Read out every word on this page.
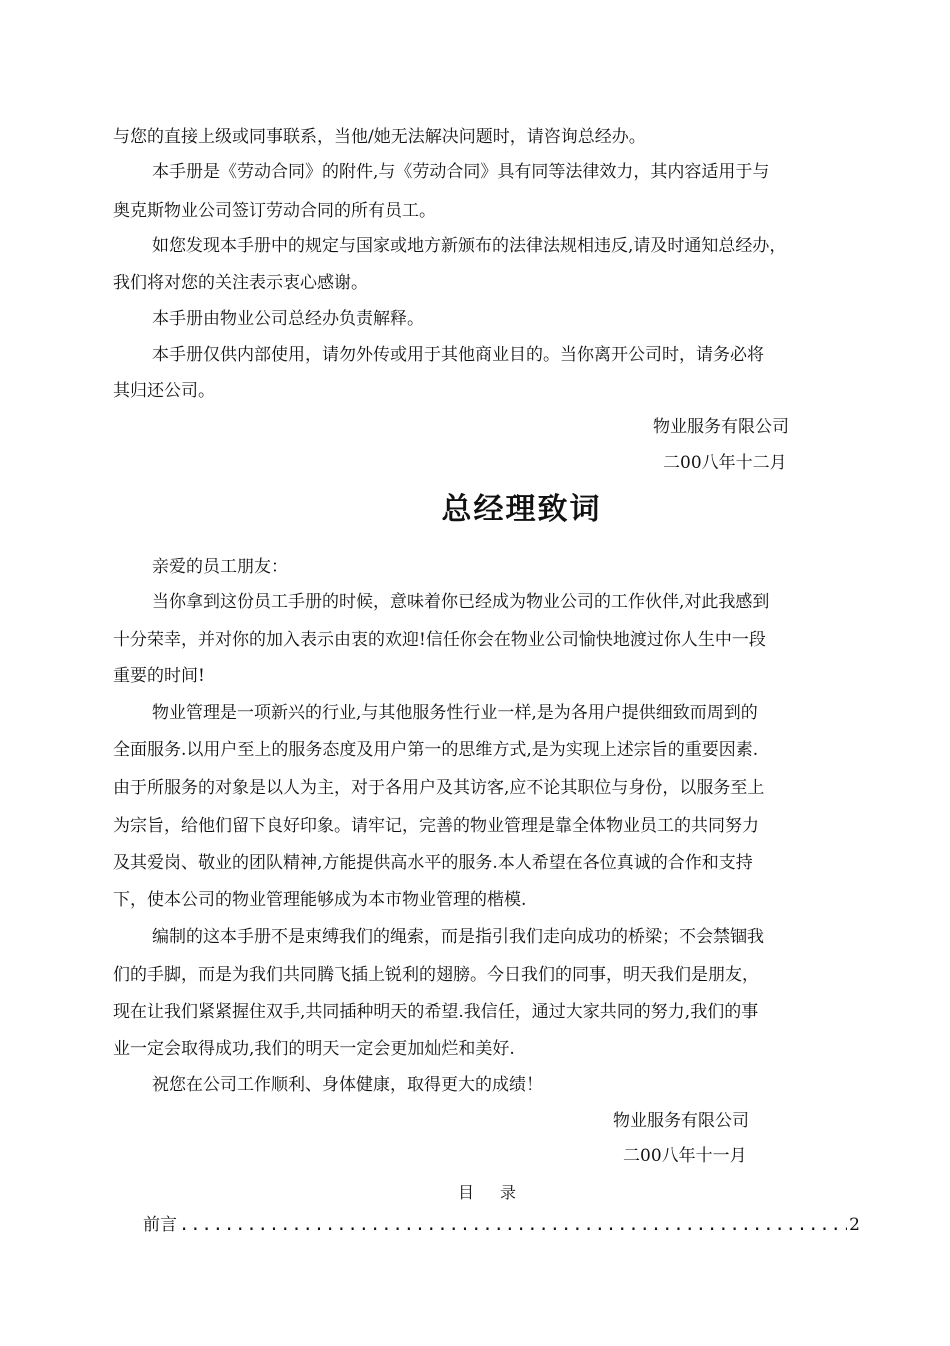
与您的直接上级或同事联系，当他/她无法解决问题时，请咨询总经办。
本手册是《劳动合同》的附件,与《劳动合同》具有同等法律效力，其内容适用于与
奥克斯物业公司签订劳动合同的所有员工。
如您发现本手册中的规定与国家或地方新颁布的法律法规相违反,请及时通知总经办，
我们将对您的关注表示衷心感谢。
本手册由物业公司总经办负责解释。
本手册仅供内部使用，请勿外传或用于其他商业目的。当你离开公司时，请务必将
其归还公司。
物业服务有限公司
二00八年十二月
总经理致词
亲爱的员工朋友：
当你拿到这份员工手册的时候，意味着你已经成为物业公司的工作伙伴,对此我感到
十分荣幸，并对你的加入表示由衷的欢迎!信任你会在物业公司愉快地渡过你人生中一段
重要的时间!
物业管理是一项新兴的行业,与其他服务性行业一样,是为各用户提供细致而周到的
全面服务.以用户至上的服务态度及用户第一的思维方式,是为实现上述宗旨的重要因素.
由于所服务的对象是以人为主，对于各用户及其访客,应不论其职位与身份，以服务至上
为宗旨，给他们留下良好印象。请牢记，完善的物业管理是靠全体物业员工的共同努力
及其爱岗、敬业的团队精神,方能提供高水平的服务.本人希望在各位真诚的合作和支持
下，使本公司的物业管理能够成为本市物业管理的楷模.
编制的这本手册不是束缚我们的绳索，而是指引我们走向成功的桥梁；不会禁锢我
们的手脚，而是为我们共同腾飞插上锐利的翅膀。今日我们的同事，明天我们是朋友，
现在让我们紧紧握住双手,共同插种明天的希望.我信任，通过大家共同的努力,我们的事
业一定会取得成功,我们的明天一定会更加灿烂和美好.
祝您在公司工作顺利、身体健康，取得更大的成绩！
物业服务有限公司
二00八年十一月
目 录
前言
.....	2
